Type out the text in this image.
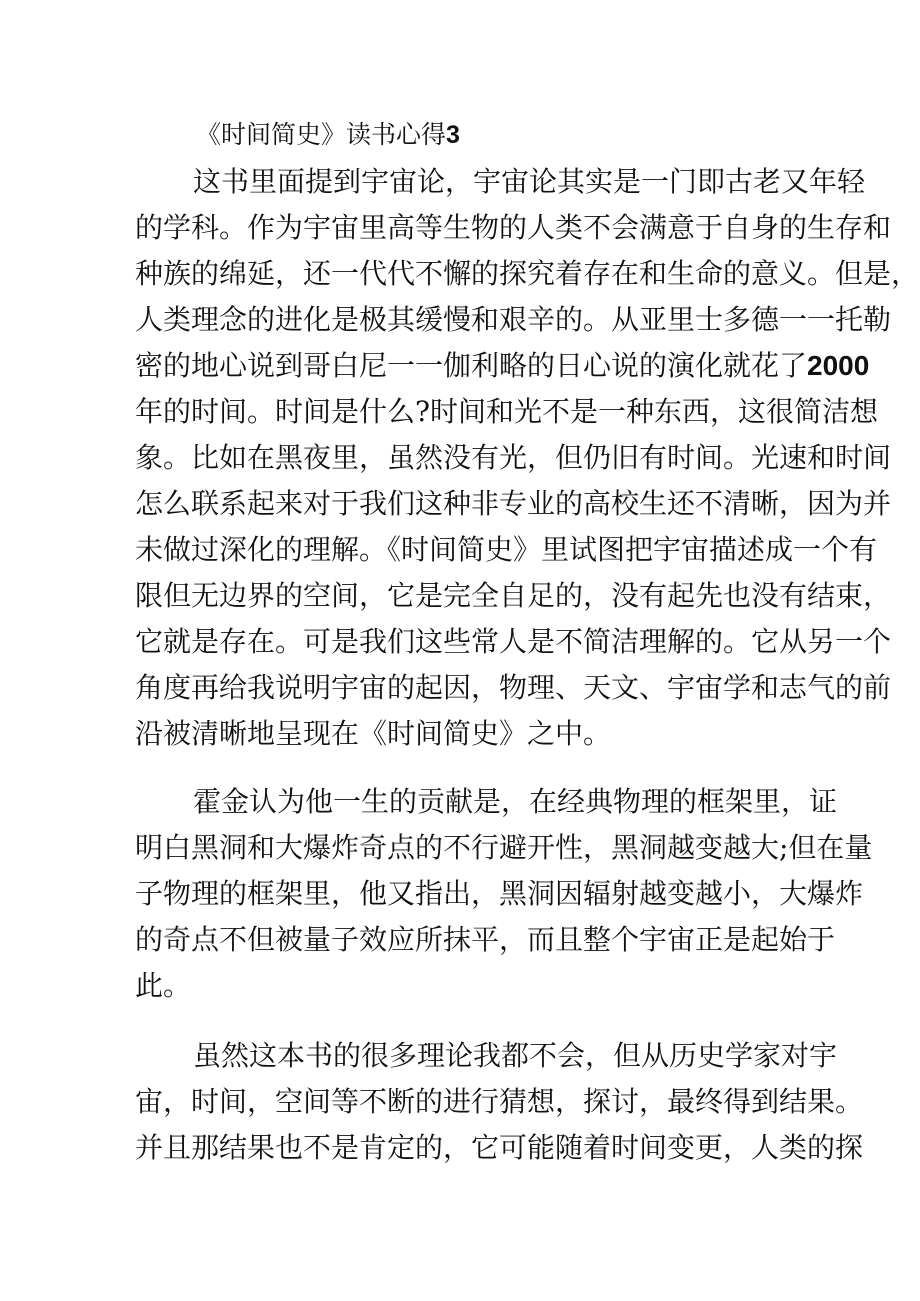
《时间简史》读书心得3
这书里面提到宇宙论，宇宙论其实是一门即古老又年轻
的学科。作为宇宙里高等生物的人类不会满意于自身的生存和
种族的绵延，还一代代不懈的探究着存在和生命的意义。但是，
人类理念的进化是极其缓慢和艰辛的。从亚里士多德一一托勒
密的地心说到哥白尼一一伽利略的日心说的演化就花了2000
年的时间。时间是什么?时间和光不是一种东西，这很简洁想
象。比如在黑夜里，虽然没有光，但仍旧有时间。光速和时间
怎么联系起来对于我们这种非专业的高校生还不清晰，因为并
未做过深化的理解。《时间简史》里试图把宇宙描述成一个有
限但无边界的空间，它是完全自足的，没有起先也没有结束，
它就是存在。可是我们这些常人是不简洁理解的。它从另一个
角度再给我说明宇宙的起因，物理、天文、宇宙学和志气的前
沿被清晰地呈现在《时间简史》之中。
霍金认为他一生的贡献是，在经典物理的框架里，证
明白黑洞和大爆炸奇点的不行避开性，黑洞越变越大;但在量
子物理的框架里，他又指出，黑洞因辐射越变越小，大爆炸
的奇点不但被量子效应所抹平，而且整个宇宙正是起始于
此。
虽然这本书的很多理论我都不会，但从历史学家对宇
宙，时间，空间等不断的进行猜想，探讨，最终得到结果。
并且那结果也不是肯定的，它可能随着时间变更，人类的探
